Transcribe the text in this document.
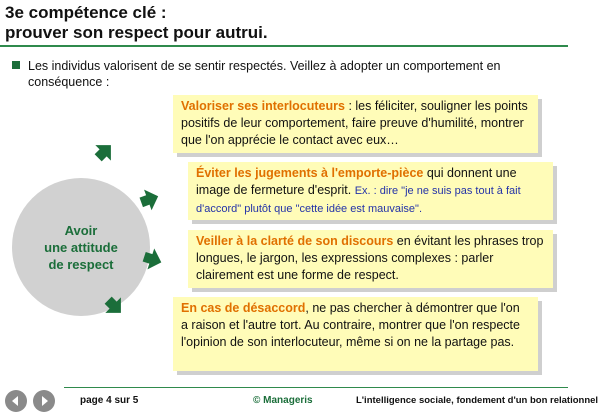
3e compétence clé :
prouver son respect pour autrui.
Les individus valorisent de se sentir respectés. Veillez à adopter un comportement en conséquence :
Avoir
une attitude
de respect
Valoriser ses interlocuteurs : les féliciter, souligner les points positifs de leur comportement, faire preuve d'humilité, montrer que l'on apprécie le contact avec eux…
Éviter les jugements à l'emporte-pièce qui donnent une image de fermeture d'esprit. Ex. : dire "je ne suis pas tout à fait d'accord" plutôt que "cette idée est mauvaise".
Veiller à la clarté de son discours en évitant les phrases trop longues, le jargon, les expressions complexes : parler clairement est une forme de respect.
En cas de désaccord, ne pas chercher à démontrer que l'on a raison et l'autre tort. Au contraire, montrer que l'on respecte l'opinion de son interlocuteur, même si on ne la partage pas.
page 4 sur 5	© Manageris	L'intelligence sociale, fondement d'un bon relationnel
